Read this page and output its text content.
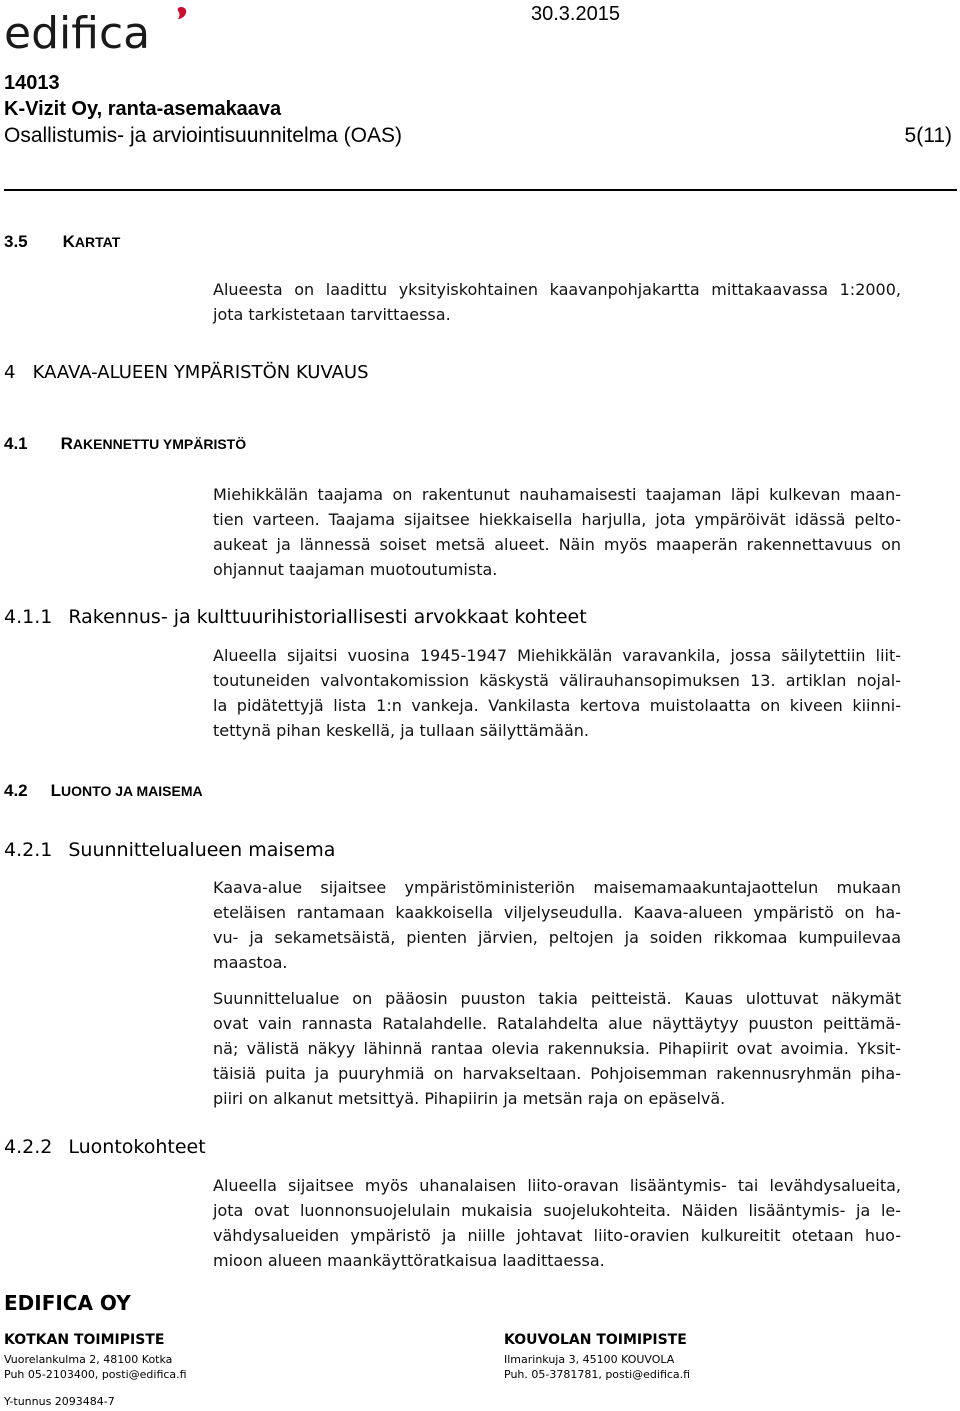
edifica	30.3.2015
14013
K-Vizit Oy, ranta-asemakaava
Osallistumis- ja arviointisuunnitelma (OAS)	5(11)
3.5 KARTAT
Alueesta on laadittu yksityiskohtainen kaavanpohjakartta mittakaavassa 1:2000,
jota tarkistetaan tarvittaessa.
4   KAAVA-ALUEEN YMPÄRISTÖN KUVAUS
4.1 RAKENNETTU YMPÄRISTÖ
Miehikkälän taajama on rakentunut nauhamaisesti taajaman läpi kulkevan maan-
tien varteen. Taajama sijaitsee hiekkaisella harjulla, jota ympäröivät idässä pelto-
aukeat ja lännessä soiset metsä alueet. Näin myös maaperän rakennettavuus on
ohjannut taajaman muotoutumista.
4.1.1 Rakennus- ja kulttuurihistoriallisesti arvokkaat kohteet
Alueella sijaitsi vuosina 1945-1947 Miehikkälän varavankila, jossa säilytettiin liit-
toutuneiden valvontakomission käskystä välirauhansopimuksen 13. artiklan nojal-
la pidätettyjä lista 1:n vankeja. Vankilasta kertova muistolaatta on kiveen kiinni-
tettynä pihan keskellä, ja tullaan säilyttämään.
4.2 LUONTO JA MAISEMA
4.2.1 Suunnittelualueen maisema
Kaava-alue sijaitsee ympäristöministeriön maisemamaakuntajaottelun mukaan
eteläisen rantamaan kaakkoisella viljelyseudulla. Kaava-alueen ympäristö on ha-
vu- ja sekametsäistä, pienten järvien, peltojen ja soiden rikkomaa kumpuilevaa
maastoa.
Suunnittelualue on pääosin puuston takia peitteistä. Kauas ulottuvat näkymät
ovat vain rannasta Ratalahdelle. Ratalahdelta alue näyttäytyy puuston peittämä-
nä; välistä näkyy lähinnä rantaa olevia rakennuksia. Pihapiirit ovat avoimia. Yksit-
täisiä puita ja puuryhmiä on harvakseltaan. Pohjoisemman rakennusryhmän piha-
piiri on alkanut metsittyä. Pihapiirin ja metsän raja on epäselvä.
4.2.2 Luontokohteet
Alueella sijaitsee myös uhanalaisen liito-oravan lisääntymis- tai levähdysalueita,
jota ovat luonnonsuojelulain mukaisia suojelukohteita. Näiden lisääntymis- ja le-
vähdysalueiden ympäristö ja niille johtavat liito-oravien kulkureitit otetaan huo-
mioon alueen maankäyttöratkaisua laadittaessa.
EDIFICA OY
KOTKAN TOIMIPISTE
Vuorelankulma 2, 48100 Kotka
Puh 05-2103400, posti@edifica.fi
KOUVOLAN TOIMIPISTE
Ilmarinkuja 3, 45100 KOUVOLA
Puh. 05-3781781, posti@edifica.fi
Y-tunnus 2093484-7
